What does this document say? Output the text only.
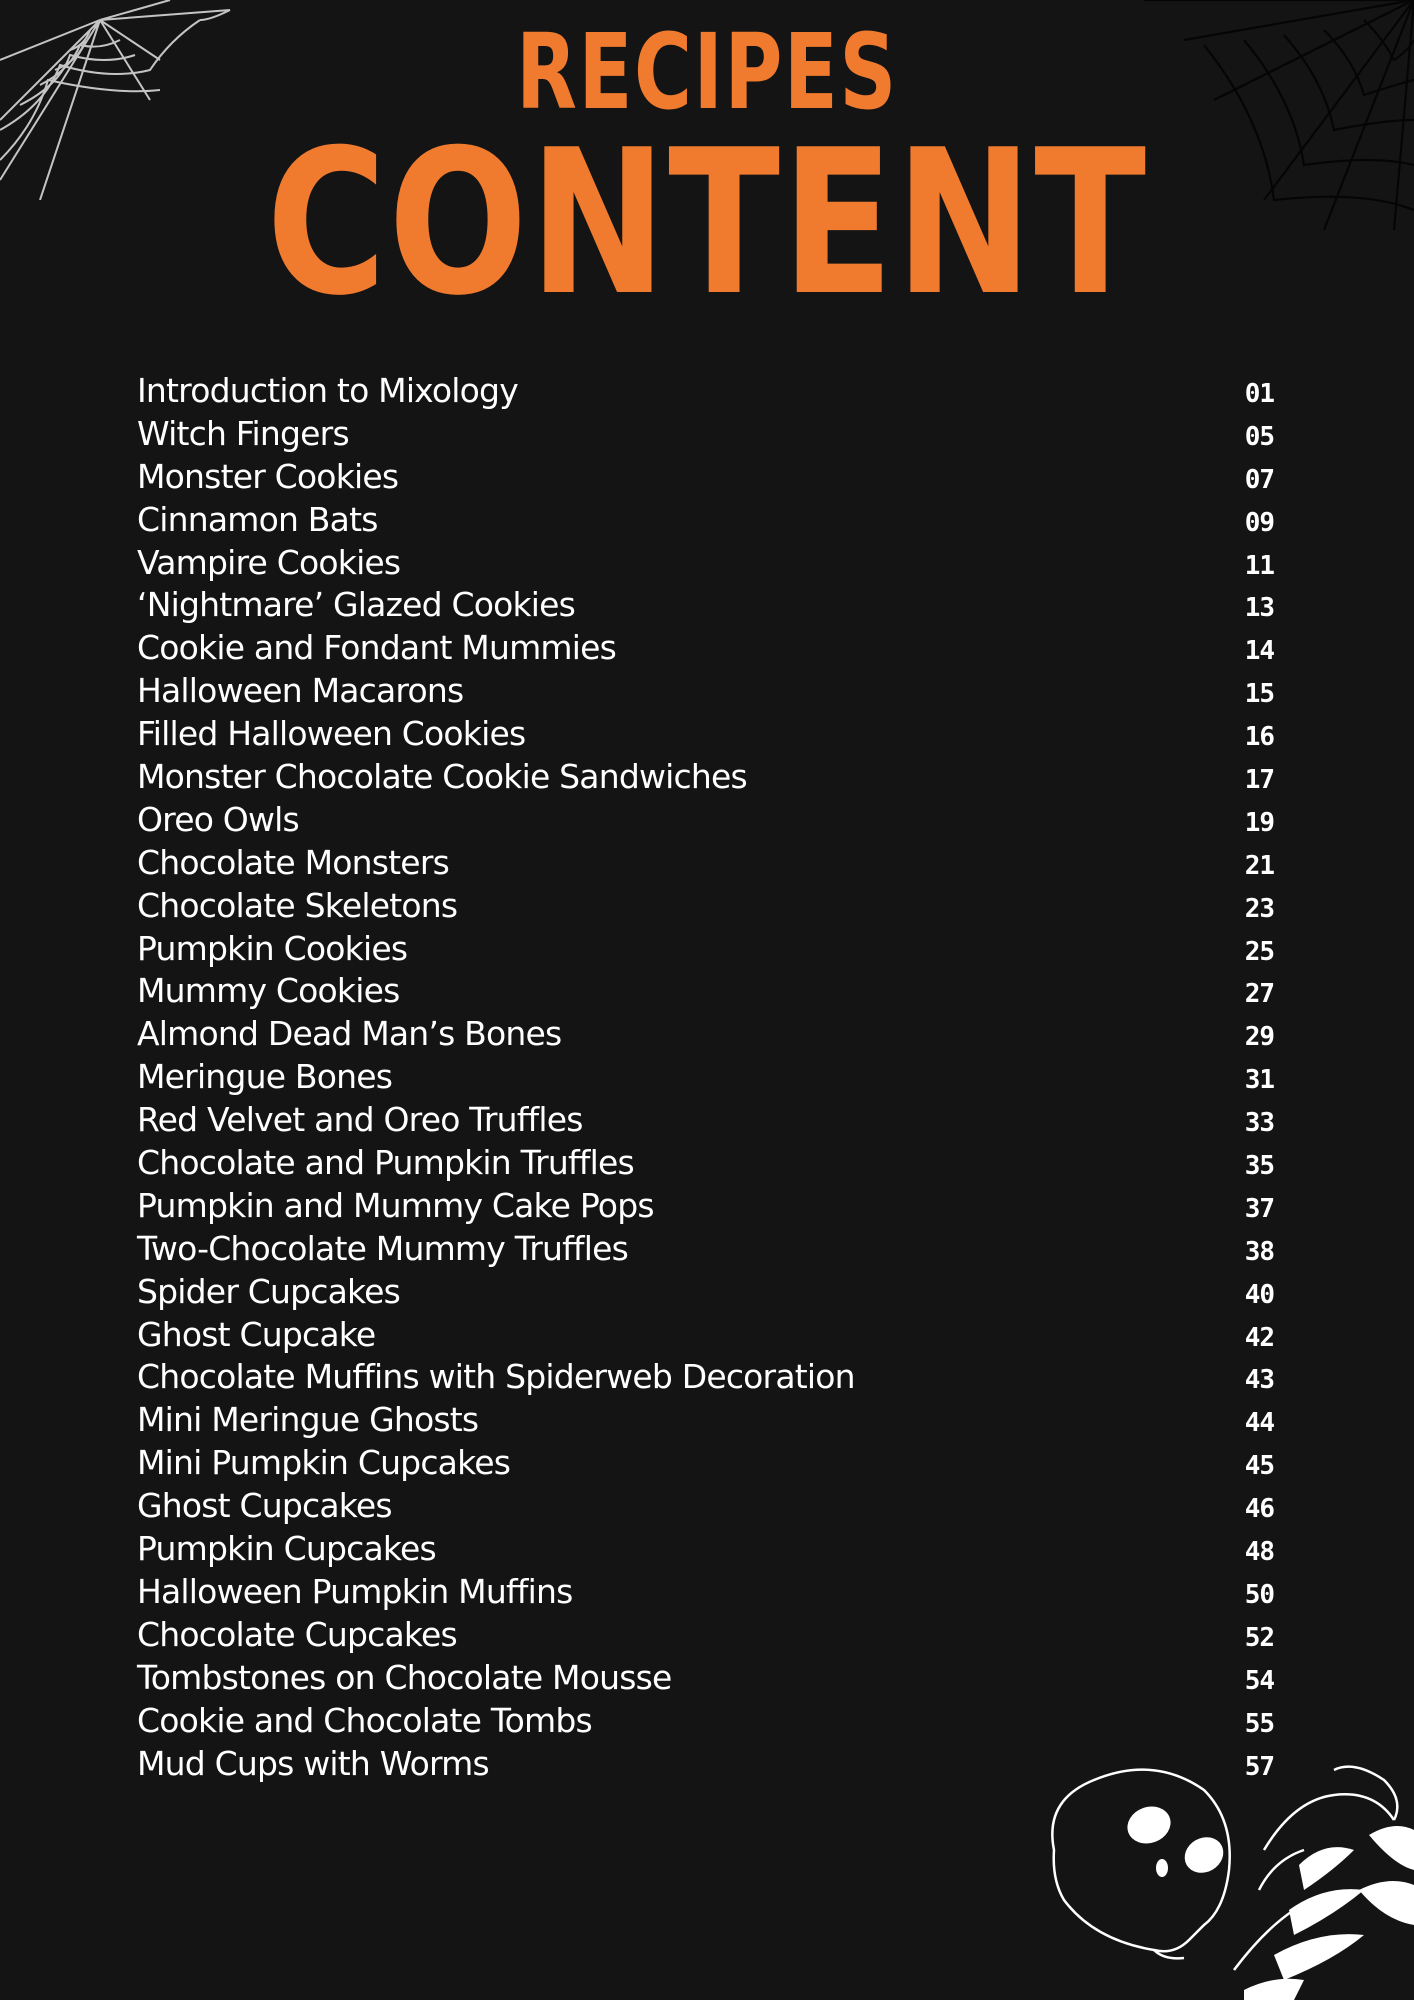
RECIPES
CONTENT
Introduction to Mixology	01
Witch Fingers	05
Monster Cookies	07
Cinnamon Bats	09
Vampire Cookies	11
‘Nightmare’ Glazed Cookies	13
Cookie and Fondant Mummies	14
Halloween Macarons	15
Filled Halloween Cookies	16
Monster Chocolate Cookie Sandwiches	17
Oreo Owls	19
Chocolate Monsters	21
Chocolate Skeletons	23
Pumpkin Cookies	25
Mummy Cookies	27
Almond Dead Man’s Bones	29
Meringue Bones	31
Red Velvet and Oreo Truffles	33
Chocolate and Pumpkin Truffles	35
Pumpkin and Mummy Cake Pops	37
Two-Chocolate Mummy Truffles	38
Spider Cupcakes	40
Ghost Cupcake	42
Chocolate Muffins with Spiderweb Decoration	43
Mini Meringue Ghosts	44
Mini Pumpkin Cupcakes	45
Ghost Cupcakes	46
Pumpkin Cupcakes	48
Halloween Pumpkin Muffins	50
Chocolate Cupcakes	52
Tombstones on Chocolate Mousse	54
Cookie and Chocolate Tombs	55
Mud Cups with Worms	57
